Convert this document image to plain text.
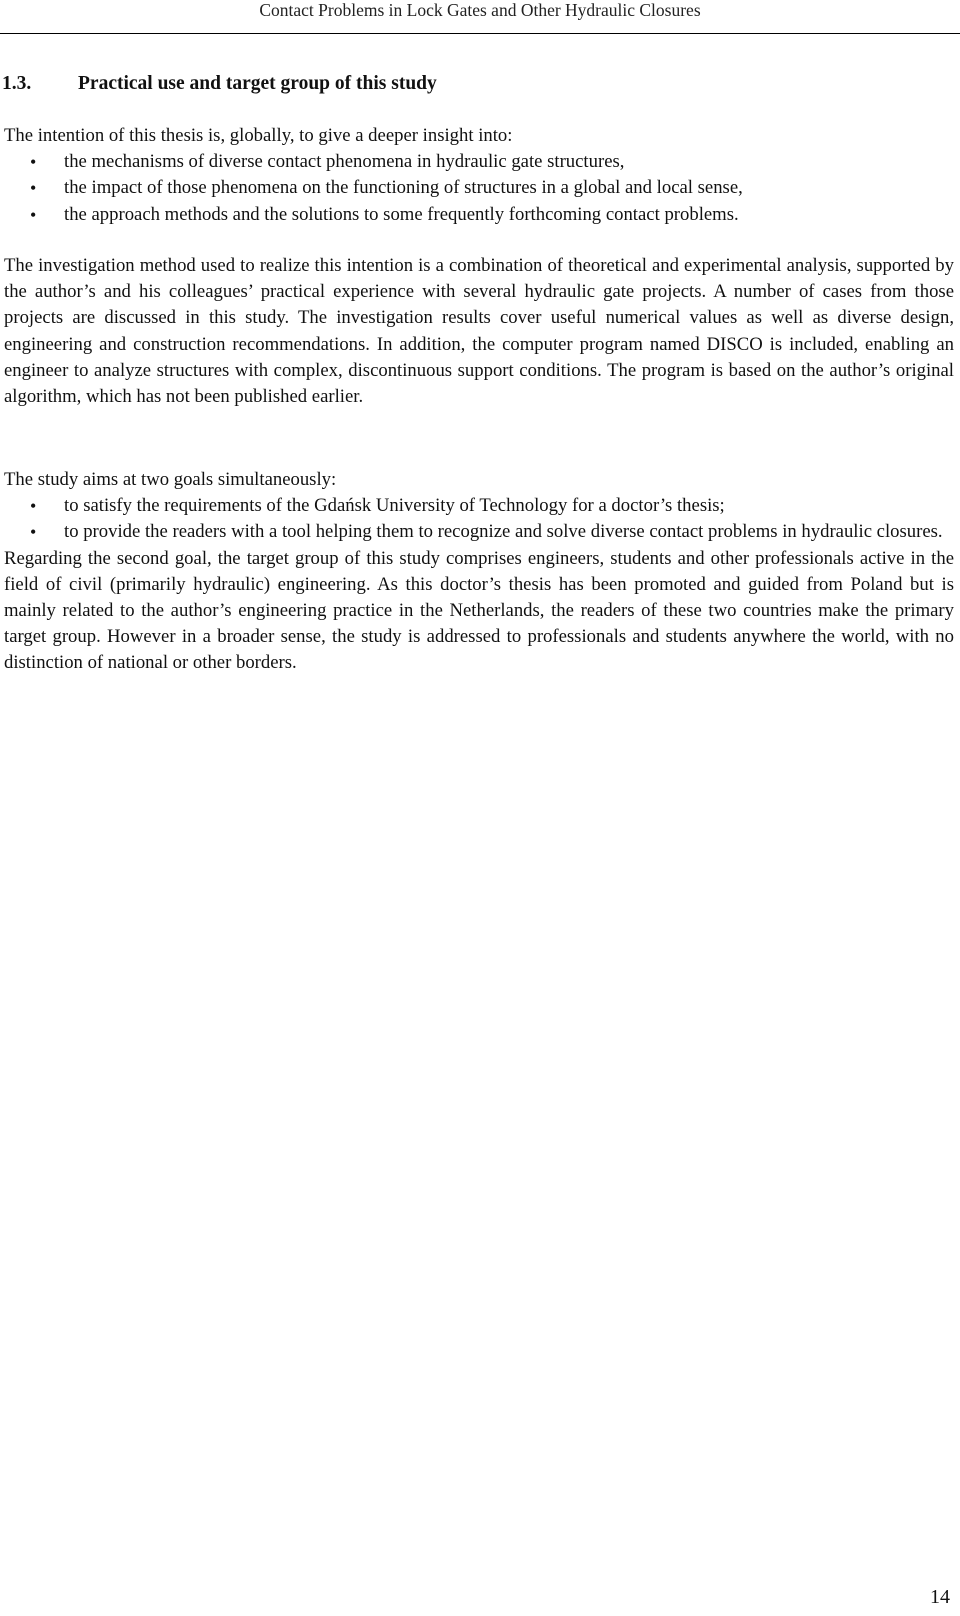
Contact Problems in Lock Gates and Other Hydraulic Closures
1.3. Practical use and target group of this study

The intention of this thesis is, globally, to give a deeper insight into:

• the mechanisms of diverse contact phenomena in hydraulic gate structures,
• the impact of those phenomena on the functioning of structures in a global and local sense,
• the approach methods and the solutions to some frequently forthcoming contact problems.

The investigation method used to realize this intention is a combination of theoretical and experimental analysis, supported by the author’s and his colleagues’ practical experience with several hydraulic gate projects. A number of cases from those projects are discussed in this study. The investigation results cover useful numerical values as well as diverse design, engineering and construction recommendations. In addition, the computer program named DISCO is included, enabling an engineer to analyze structures with complex, discontinuous support conditions. The program is based on the author’s original algorithm, which has not been published earlier.

The study aims at two goals simultaneously:

• to satisfy the requirements of the Gdańsk University of Technology for a doctor’s thesis;
• to provide the readers with a tool helping them to recognize and solve diverse contact problems in hydraulic closures.

Regarding the second goal, the target group of this study comprises engineers, students and other professionals active in the field of civil (primarily hydraulic) engineering. As this doctor’s thesis has been promoted and guided from Poland but is mainly related to the author’s engineering practice in the Netherlands, the readers of these two countries make the primary target group. However in a broader sense, the study is addressed to professionals and students anywhere the world, with no distinction of national or other borders.

14
